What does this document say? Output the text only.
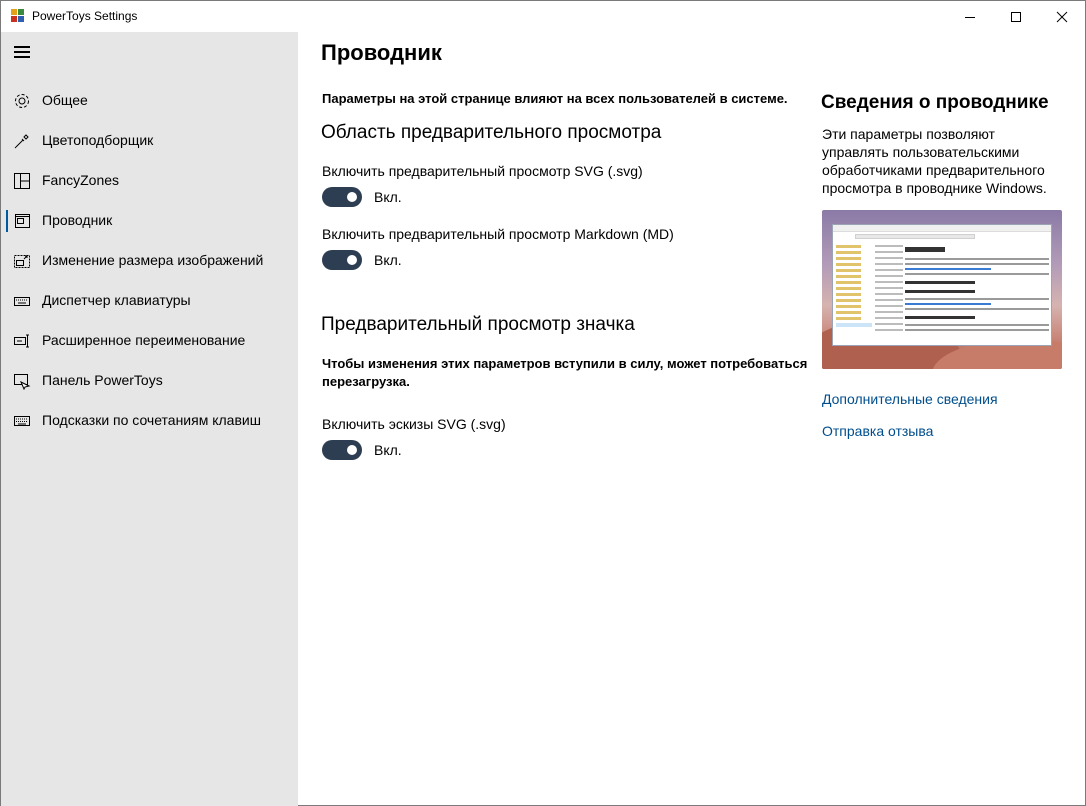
PowerToys Settings
Общее
Цветоподборщик
FancyZones
Проводник
Изменение размера изображений
Диспетчер клавиатуры
Расширенное переименование
Панель PowerToys
Подсказки по сочетаниям клавиш
Проводник
Параметры на этой странице влияют на всех пользователей в системе.
Область предварительного просмотра
Включить предварительный просмотр SVG (.svg)
Вкл.
Включить предварительный просмотр Markdown (MD)
Вкл.
Предварительный просмотр значка
Чтобы изменения этих параметров вступили в силу, может потребоваться перезагрузка.
Включить эскизы SVG (.svg)
Вкл.
Сведения о проводнике
Эти параметры позволяют управлять пользовательскими обработчиками предварительного просмотра в проводнике Windows.
Дополнительные сведения
Отправка отзыва
